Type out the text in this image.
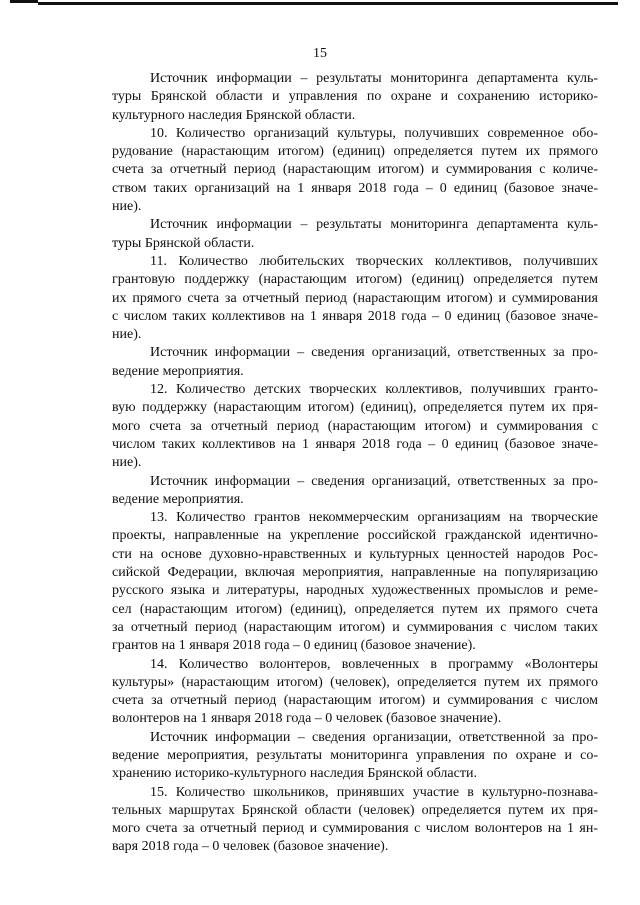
15
Источник информации – результаты мониторинга департамента куль-
туры Брянской области и управления по охране и сохранению историко-
культурного наследия Брянской области.
10. Количество организаций культуры, получивших современное обо-
рудование (нарастающим итогом) (единиц) определяется путем их прямого
счета за отчетный период (нарастающим итогом) и суммирования с количе-
ством таких организаций на 1 января 2018 года – 0 единиц (базовое значе-
ние).
Источник информации – результаты мониторинга департамента куль-
туры Брянской области.
11. Количество любительских творческих коллективов, получивших
грантовую поддержку (нарастающим итогом) (единиц) определяется путем
их прямого счета за отчетный период (нарастающим итогом) и суммирования
с числом таких коллективов на 1 января 2018 года – 0 единиц (базовое значе-
ние).
Источник информации – сведения организаций, ответственных за про-
ведение мероприятия.
12. Количество детских творческих коллективов, получивших гранто-
вую поддержку (нарастающим итогом) (единиц), определяется путем их пря-
мого счета за отчетный период (нарастающим итогом) и суммирования с
числом таких коллективов на 1 января 2018 года – 0 единиц (базовое значе-
ние).
Источник информации – сведения организаций, ответственных за про-
ведение мероприятия.
13. Количество грантов некоммерческим организациям на творческие
проекты, направленные на укрепление российской гражданской идентично-
сти на основе духовно-нравственных и культурных ценностей народов Рос-
сийской Федерации, включая мероприятия, направленные на популяризацию
русского языка и литературы, народных художественных промыслов и реме-
сел (нарастающим итогом) (единиц), определяется путем их прямого счета
за отчетный период (нарастающим итогом) и суммирования с числом таких
грантов на 1 января 2018 года – 0 единиц (базовое значение).
14. Количество волонтеров, вовлеченных в программу «Волонтеры
культуры» (нарастающим итогом) (человек), определяется путем их прямого
счета за отчетный период (нарастающим итогом) и суммирования с числом
волонтеров на 1 января 2018 года – 0 человек (базовое значение).
Источник информации – сведения организации, ответственной за про-
ведение мероприятия, результаты мониторинга управления по охране и со-
хранению историко-культурного наследия Брянской области.
15. Количество школьников, принявших участие в культурно-познава-
тельных маршрутах Брянской области (человек) определяется путем их пря-
мого счета за отчетный период и суммирования с числом волонтеров на 1 ян-
варя 2018 года – 0 человек (базовое значение).
